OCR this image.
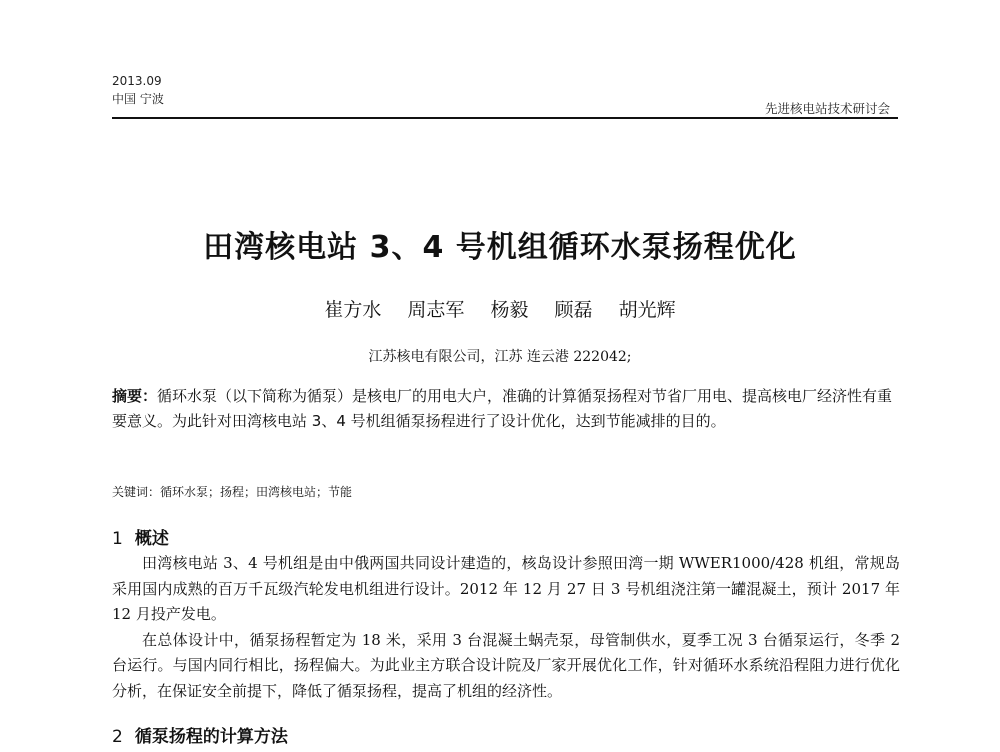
2013.09
中国 宁波
先进核电站技术研讨会
田湾核电站 3、4 号机组循环水泵扬程优化
崔方水 周志军 杨毅 顾磊 胡光辉
江苏核电有限公司，江苏 连云港 222042;
摘要：循环水泵（以下简称为循泵）是核电厂的用电大户，准确的计算循泵扬程对节省厂用电、提高核电厂经济性有重要意义。为此针对田湾核电站 3、4 号机组循泵扬程进行了设计优化，达到节能减排的目的。
关键词：循环水泵；扬程；田湾核电站；节能
1 概述

田湾核电站 3、4 号机组是由中俄两国共同设计建造的，核岛设计参照田湾一期 WWER1000/428 机组，常规岛采用国内成熟的百万千瓦级汽轮发电机组进行设计。2012 年 12 月 27 日 3 号机组浇注第一罐混凝土，预计 2017 年 12 月投产发电。

在总体设计中，循泵扬程暂定为 18 米，采用 3 台混凝土蜗壳泵，母管制供水，夏季工况 3 台循泵运行，冬季 2 台运行。与国内同行相比，扬程偏大。为此业主方联合设计院及厂家开展优化工作，针对循环水系统沿程阻力进行优化分析，在保证安全前提下，降低了循泵扬程，提高了机组的经济性。

2 循泵扬程的计算方法
